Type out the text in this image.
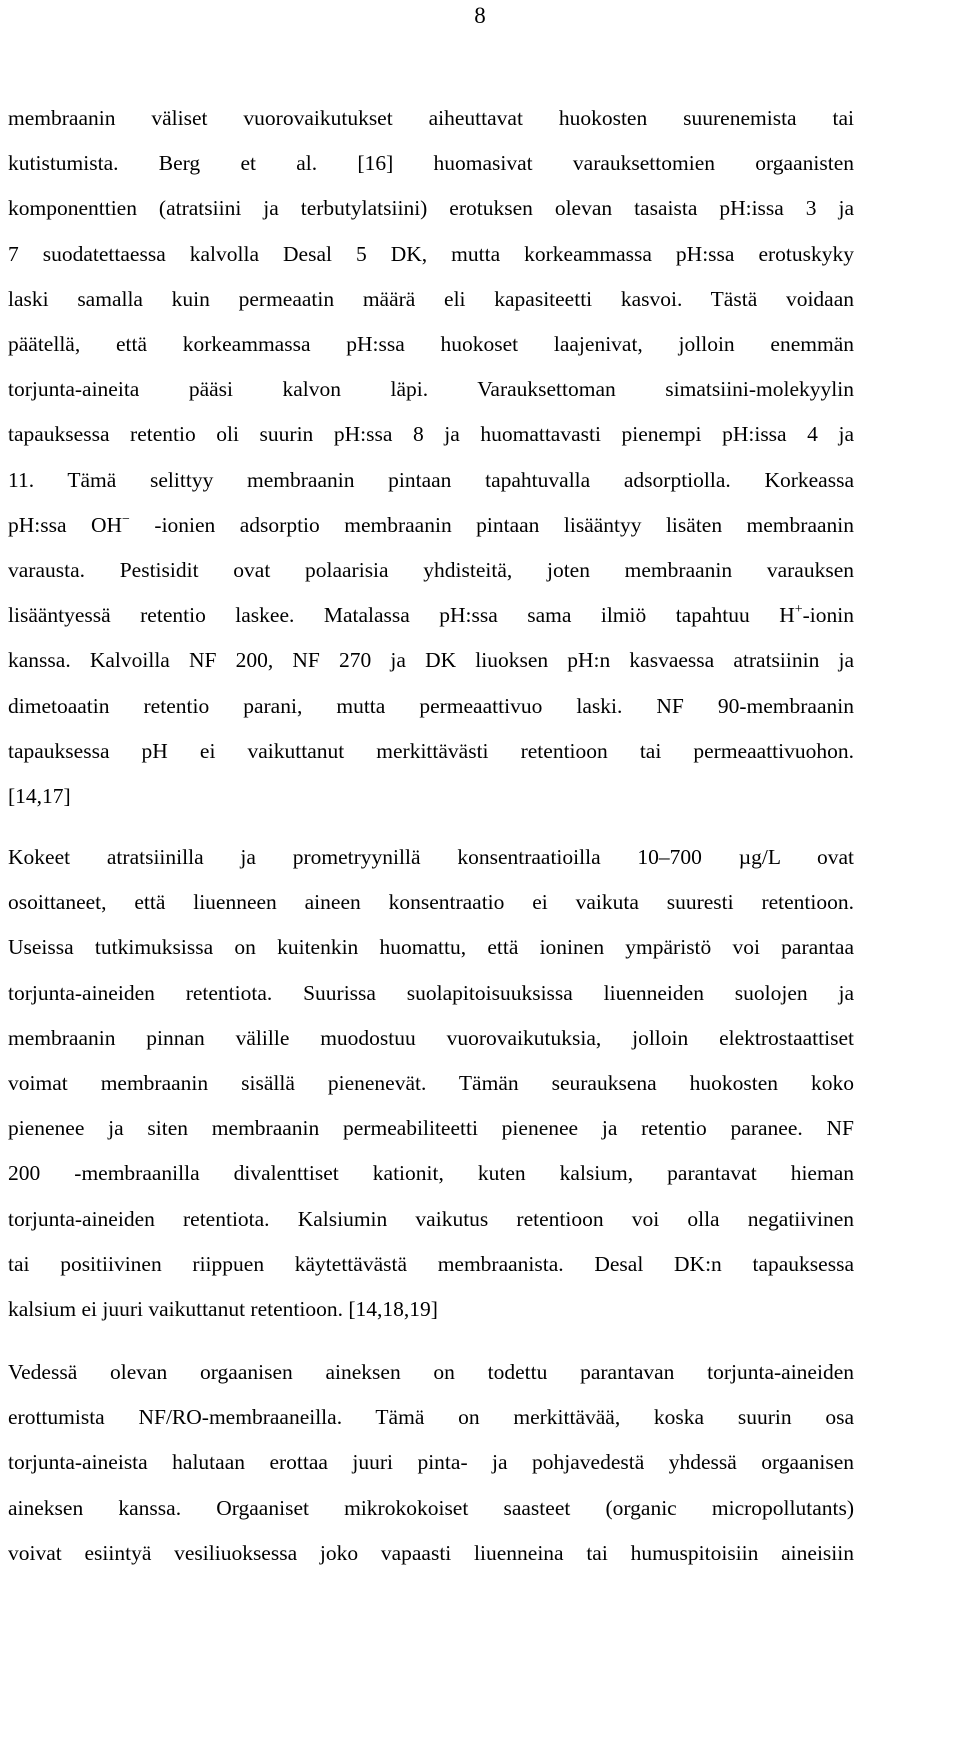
8
membraanin väliset vuorovaikutukset aiheuttavat huokosten suurenemista tai
kutistumista. Berg et al. [16] huomasivat varauksettomien orgaanisten
komponenttien (atratsiini ja terbutylatsiini) erotuksen olevan tasaista pH:issa 3 ja
7 suodatettaessa kalvolla Desal 5 DK, mutta korkeammassa pH:ssa erotuskyky
laski samalla kuin permeaatin määrä eli kapasiteetti kasvoi. Tästä voidaan
päätellä, että korkeammassa pH:ssa huokoset laajenivat, jolloin enemmän
torjunta-aineita pääsi kalvon läpi. Varauksettoman simatsiini-molekyylin
tapauksessa retentio oli suurin pH:ssa 8 ja huomattavasti pienempi pH:issa 4 ja
11. Tämä selittyy membraanin pintaan tapahtuvalla adsorptiolla. Korkeassa
pH:ssa OH− -ionien adsorptio membraanin pintaan lisääntyy lisäten membraanin
varausta. Pestisidit ovat polaarisia yhdisteitä, joten membraanin varauksen
lisääntyessä retentio laskee. Matalassa pH:ssa sama ilmiö tapahtuu H+-ionin
kanssa. Kalvoilla NF 200, NF 270 ja DK liuoksen pH:n kasvaessa atratsiinin ja
dimetoaatin retentio parani, mutta permeaattivuo laski. NF 90-membraanin
tapauksessa pH ei vaikuttanut merkittävästi retentioon tai permeaattivuohon.
[14,17]
Kokeet atratsiinilla ja prometryynillä konsentraatioilla 10–700 µg/L ovat
osoittaneet, että liuenneen aineen konsentraatio ei vaikuta suuresti retentioon.
Useissa tutkimuksissa on kuitenkin huomattu, että ioninen ympäristö voi parantaa
torjunta-aineiden retentiota. Suurissa suolapitoisuuksissa liuenneiden suolojen ja
membraanin pinnan välille muodostuu vuorovaikutuksia, jolloin elektrostaattiset
voimat membraanin sisällä pienenevät. Tämän seurauksena huokosten koko
pienenee ja siten membraanin permeabiliteetti pienenee ja retentio paranee. NF
200 -membraanilla divalenttiset kationit, kuten kalsium, parantavat hieman
torjunta-aineiden retentiota. Kalsiumin vaikutus retentioon voi olla negatiivinen
tai positiivinen riippuen käytettävästä membraanista. Desal DK:n tapauksessa
kalsium ei juuri vaikuttanut retentioon. [14,18,19]
Vedessä olevan orgaanisen aineksen on todettu parantavan torjunta-aineiden
erottumista NF/RO-membraaneilla. Tämä on merkittävää, koska suurin osa
torjunta-aineista halutaan erottaa juuri pinta- ja pohjavedestä yhdessä orgaanisen
aineksen kanssa. Orgaaniset mikrokokoiset saasteet (organic micropollutants)
voivat esiintyä vesiliuoksessa joko vapaasti liuenneina tai humuspitoisiin aineisiin
